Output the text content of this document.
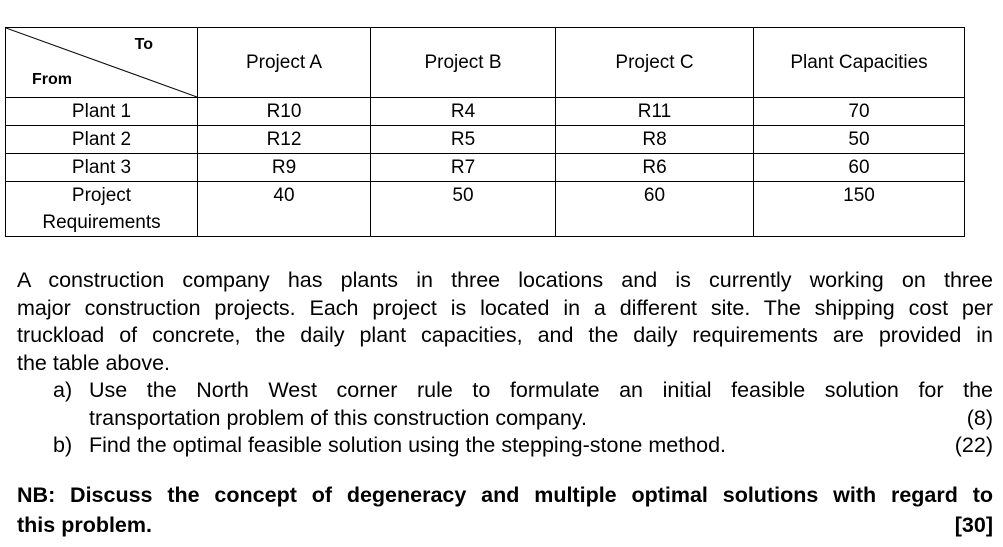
To
From	Project A	Project B	Project C	Plant Capacities
Plant 1	R10	R4	R11	70
Plant 2	R12	R5	R8	50
Plant 3	R9	R7	R6	60

Project
Requirements	40	50	60	150
A construction company has plants in three locations and is currently working on three
major construction projects. Each project is located in a different site. The shipping cost per
truckload of concrete, the daily plant capacities, and the daily requirements are provided in
the table above.
a) Use the North West corner rule to formulate an initial feasible solution for the
transportation problem of this construction company.	(8)
b) Find the optimal feasible solution using the stepping-stone method.	(22)
NB: Discuss the concept of degeneracy and multiple optimal solutions with regard to
this problem.	[30]
